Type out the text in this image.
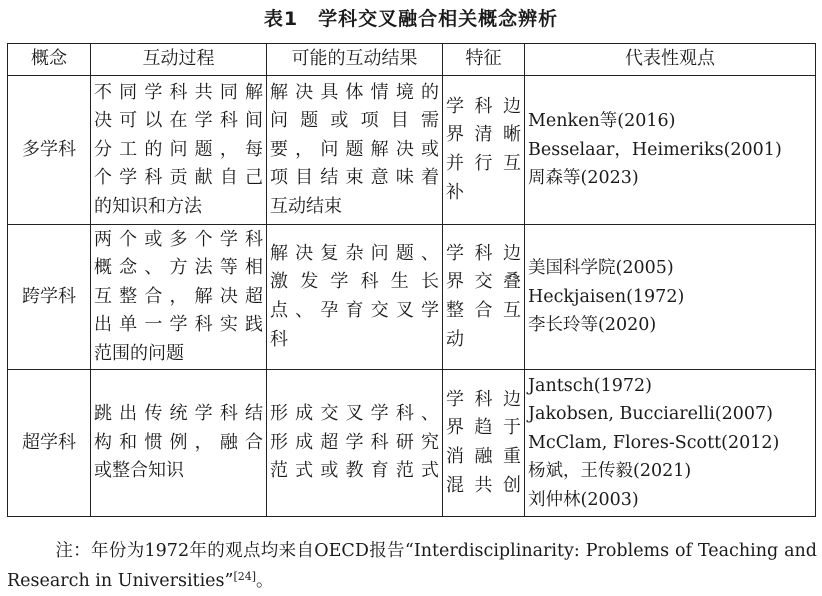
表1　学科交叉融合相关概念辨析
概念	互动过程	可能的互动结果	特征	代表性观点
多学科	不同学科共同解
决可以在学科间
分工的问题，每
个学科贡献自己
的知识和方法	解决具体情境的
问题或项目需
要，问题解决或
项目结束意味着
互动结束	学科边
界清晰
并行互
补	Menken等(2016)
Besselaar，Heimeriks(2001)
周森等(2023)

跨学科	两个或多个学科
概念、方法等相
互整合，解决超
出单一学科实践
范围的问题	解决复杂问题、
激发学科生长
点、孕育交叉学
科	学科边
界交叠
整合互
动	美国科学院(2005)
Heckjaisen(1972)
李长玲等(2020)

超学科	跳出传统学科结
构和惯例，融合
或整合知识	形成交叉学科、
形成超学科研究
范式或教育范式	学科边
界趋于
消融重
混共创	Jantsch(1972)
Jakobsen, Bucciarelli(2007)
McClam, Flores-Scott(2012)
杨斌，王传毅(2021)
刘仲林(2003)
注：年份为1972年的观点均来自OECD报告“Interdisciplinarity: Problems of Teaching and Research in Universities”[24]。
